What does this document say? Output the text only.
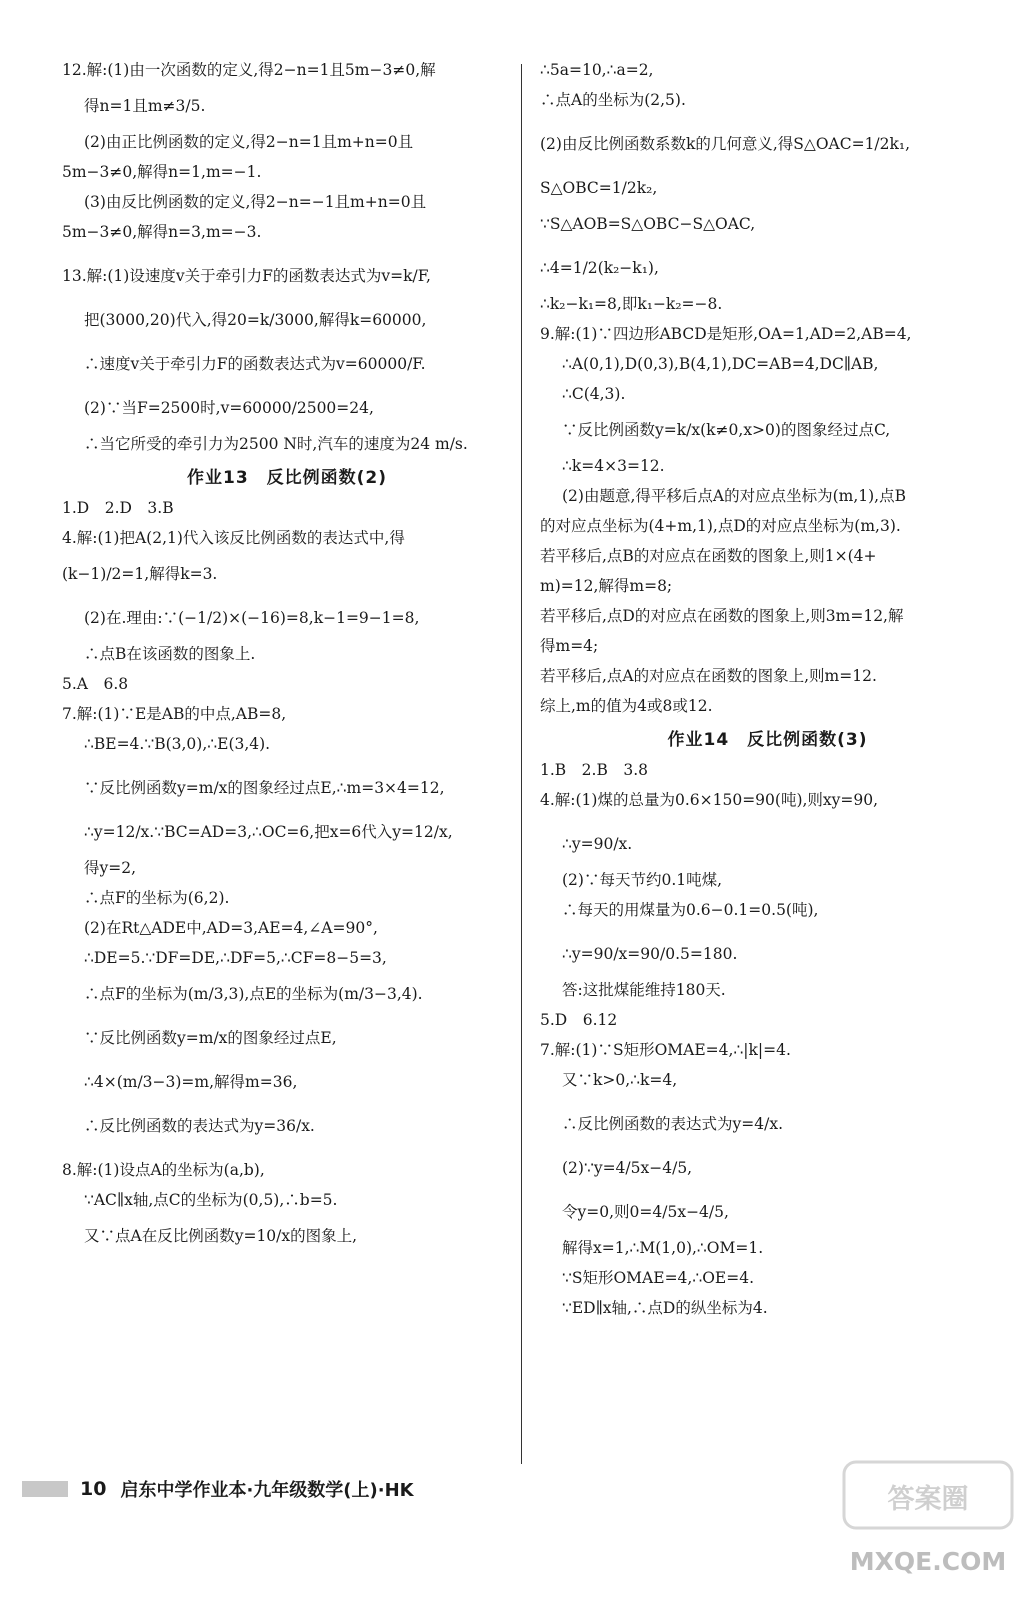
12.解:(1)由一次函数的定义,得2−n=1且5m−3≠0,解
得n=1且m≠3/5.
(2)由正比例函数的定义,得2−n=1且m+n=0且
5m−3≠0,解得n=1,m=−1.
(3)由反比例函数的定义,得2−n=−1且m+n=0且
5m−3≠0,解得n=3,m=−3.
13.解:(1)设速度v关于牵引力F的函数表达式为v=k/F,
把(3000,20)代入,得20=k/3000,解得k=60000,
∴速度v关于牵引力F的函数表达式为v=60000/F.
(2)∵当F=2500时,v=60000/2500=24,
∴当它所受的牵引力为2500 N时,汽车的速度为24 m/s.
作业13　反比例函数(2)
1.D　2.D　3.B
4.解:(1)把A(2,1)代入该反比例函数的表达式中,得
(k−1)/2=1,解得k=3.
(2)在.理由:∵(−1/2)×(−16)=8,k−1=9−1=8,
∴点B在该函数的图象上.
5.A　6.8
7.解:(1)∵E是AB的中点,AB=8,
∴BE=4.∵B(3,0),∴E(3,4).
∵反比例函数y=m/x的图象经过点E,∴m=3×4=12,
∴y=12/x.∵BC=AD=3,∴OC=6,把x=6代入y=12/x,
得y=2,
∴点F的坐标为(6,2).
(2)在Rt△ADE中,AD=3,AE=4,∠A=90°,
∴DE=5.∵DF=DE,∴DF=5,∴CF=8−5=3,
∴点F的坐标为(m/3,3),点E的坐标为(m/3−3,4).
∵反比例函数y=m/x的图象经过点E,
∴4×(m/3−3)=m,解得m=36,
∴反比例函数的表达式为y=36/x.
8.解:(1)设点A的坐标为(a,b),
∵AC∥x轴,点C的坐标为(0,5),∴b=5.
又∵点A在反比例函数y=10/x的图象上,
∴5a=10,∴a=2,
∴点A的坐标为(2,5).
(2)由反比例函数系数k的几何意义,得S△OAC=1/2k₁,
S△OBC=1/2k₂,
∵S△AOB=S△OBC−S△OAC,
∴4=1/2(k₂−k₁),
∴k₂−k₁=8,即k₁−k₂=−8.
9.解:(1)∵四边形ABCD是矩形,OA=1,AD=2,AB=4,
∴A(0,1),D(0,3),B(4,1),DC=AB=4,DC∥AB,
∴C(4,3).
∵反比例函数y=k/x(k≠0,x>0)的图象经过点C,
∴k=4×3=12.
(2)由题意,得平移后点A的对应点坐标为(m,1),点B
的对应点坐标为(4+m,1),点D的对应点坐标为(m,3).
若平移后,点B的对应点在函数的图象上,则1×(4+
m)=12,解得m=8;
若平移后,点D的对应点在函数的图象上,则3m=12,解
得m=4;
若平移后,点A的对应点在函数的图象上,则m=12.
综上,m的值为4或8或12.
作业14　反比例函数(3)
1.B　2.B　3.8
4.解:(1)煤的总量为0.6×150=90(吨),则xy=90,
∴y=90/x.
(2)∵每天节约0.1吨煤,
∴每天的用煤量为0.6−0.1=0.5(吨),
∴y=90/x=90/0.5=180.
答:这批煤能维持180天.
5.D　6.12
7.解:(1)∵S矩形OMAE=4,∴|k|=4.
又∵k>0,∴k=4,
∴反比例函数的表达式为y=4/x.
(2)∵y=4/5x−4/5,
令y=0,则0=4/5x−4/5,
解得x=1,∴M(1,0),∴OM=1.
∵S矩形OMAE=4,∴OE=4.
∵ED∥x轴,∴点D的纵坐标为4.
10 启东中学作业本·九年级数学(上)·HK	答案圈
MXQE.COM
